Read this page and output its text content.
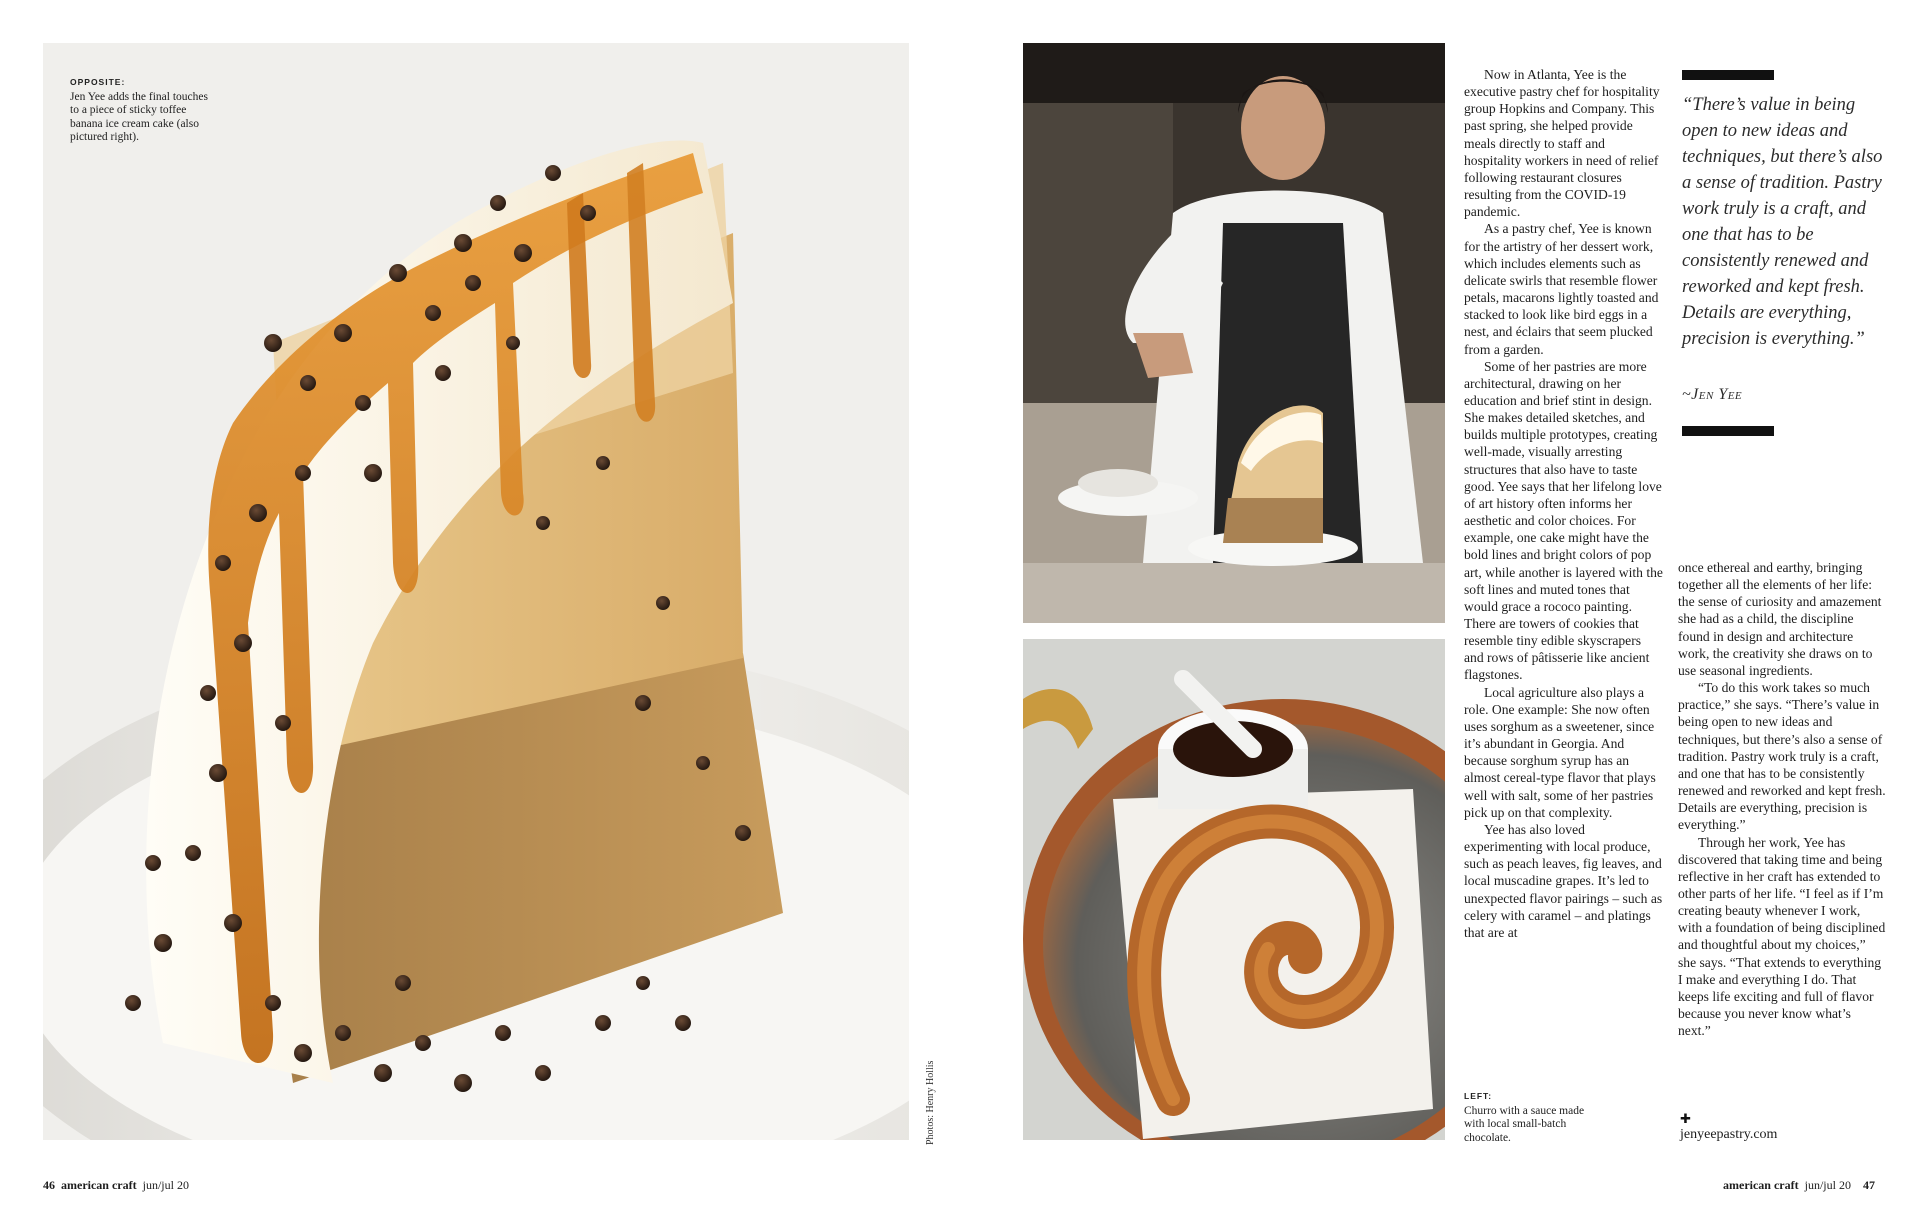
OPPOSITE:
Jen Yee adds the final touches to a piece of sticky toffee banana ice cream cake (also pictured right).
Photos: Henry Hollis
46 american craft jun/jul 20

Now in Atlanta, Yee is the executive pastry chef for hospitality group Hopkins and Company. This past spring, she helped provide meals directly to staff and hospitality workers in need of relief following restaurant closures resulting from the COVID-19 pandemic.

As a pastry chef, Yee is known for the artistry of her dessert work, which includes elements such as delicate swirls that resemble flower petals, macarons lightly toasted and stacked to look like bird eggs in a nest, and éclairs that seem plucked from a garden.

Some of her pastries are more architectural, drawing on her education and brief stint in design. She makes detailed sketches, and builds multiple prototypes, creating well-made, visually arresting structures that also have to taste good. Yee says that her lifelong love of art history often informs her aesthetic and color choices. For example, one cake might have the bold lines and bright colors of pop art, while another is layered with the soft lines and muted tones that would grace a rococo painting. There are towers of cookies that resemble tiny edible skyscrapers and rows of pâtisserie like ancient flagstones.

Local agriculture also plays a role. One example: She now often uses sorghum as a sweetener, since it’s abundant in Georgia. And because sorghum syrup has an almost cereal-type flavor that plays well with salt, some of her pastries pick up on that complexity.

Yee has also loved experimenting with local produce, such as peach leaves, fig leaves, and local muscadine grapes. It’s led to unexpected flavor pairings – such as celery with caramel – and platings that are at

“There’s value in being open to new ideas and techniques, but there’s also a sense of tradition. Pastry work truly is a craft, and one that has to be consistently renewed and reworked and kept fresh. Details are everything, precision is everything.”
~Jen Yee

once ethereal and earthy, bringing together all the elements of her life: the sense of curiosity and amazement she had as a child, the discipline found in design and architecture work, the creativity she draws on to use seasonal ingredients.

“To do this work takes so much practice,” she says. “There’s value in being open to new ideas and techniques, but there’s also a sense of tradition. Pastry work truly is a craft, and one that has to be consistently renewed and reworked and kept fresh. Details are everything, precision is everything.”

Through her work, Yee has discovered that taking time and being reflective in her craft has extended to other parts of her life. “I feel as if I’m creating beauty whenever I work, with a foundation of being disciplined and thoughtful about my choices,” she says. “That extends to everything I make and everything I do. That keeps life exciting and full of flavor because you never know what’s next.”

LEFT:
Churro with a sauce made with local small-batch chocolate.
✚
jenyeepastry.com
american craft jun/jul 20 47
